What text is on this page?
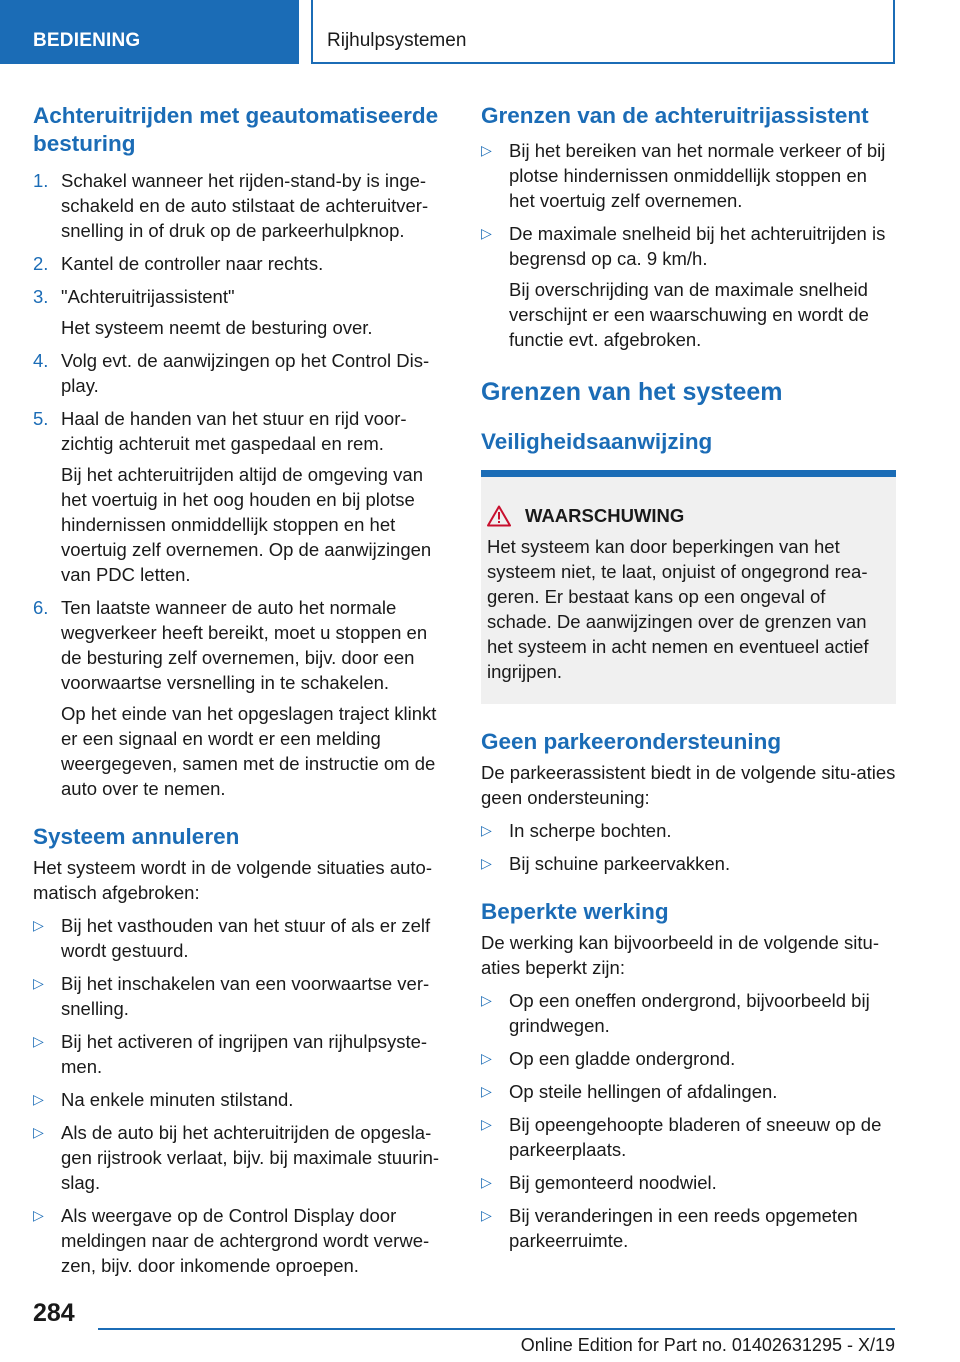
BEDIENING	Rijhulpsystemen
Achteruitrijden met geautomatiseerde besturing
1. Schakel wanneer het rijden-stand-by is inge-schakeld en de auto stilstaat de achteruitver-snelling in of druk op de parkeerhulpknop.
2. Kantel de controller naar rechts.
3. "Achteruitrijassistent"

Het systeem neemt de besturing over.

4. Volg evt. de aanwijzingen op het Control Dis-play.
5. Haal de handen van het stuur en rijd voor-zichtig achteruit met gaspedaal en rem.

Bij het achteruitrijden altijd de omgeving van het voertuig in het oog houden en bij plotse hindernissen onmiddellijk stoppen en het voertuig zelf overnemen. Op de aanwijzingen van PDC letten.

6. Ten laatste wanneer de auto het normale wegverkeer heeft bereikt, moet u stoppen en de besturing zelf overnemen, bijv. door een voorwaartse versnelling in te schakelen.

Op het einde van het opgeslagen traject klinkt er een signaal en wordt er een melding weergegeven, samen met de instructie om de auto over te nemen.

Systeem annuleren

Het systeem wordt in de volgende situaties auto-matisch afgebroken:

▷ Bij het vasthouden van het stuur of als er zelf wordt gestuurd.
▷ Bij het inschakelen van een voorwaartse ver-snelling.
▷ Bij het activeren of ingrijpen van rijhulpsyste-men.
▷ Na enkele minuten stilstand.
▷ Als de auto bij het achteruitrijden de opgesla-gen rijstrook verlaat, bijv. bij maximale stuurin-slag.
▷ Als weergave op de Control Display door meldingen naar de achtergrond wordt verwe-zen, bijv. door inkomende oproepen.
Grenzen van de achteruitrijassistent
▷ Bij het bereiken van het normale verkeer of bij plotse hindernissen onmiddellijk stoppen en het voertuig zelf overnemen.
▷ De maximale snelheid bij het achteruitrijden is begrensd op ca. 9 km/h.

Bij overschrijding van de maximale snelheid verschijnt er een waarschuwing en wordt de functie evt. afgebroken.

Grenzen van het systeem
Veiligheidsaanwijzing
WAARSCHUWING

Het systeem kan door beperkingen van het systeem niet, te laat, onjuist of ongegrond rea-geren. Er bestaat kans op een ongeval of schade. De aanwijzingen over de grenzen van het systeem in acht nemen en eventueel actief ingrijpen.

Geen parkeerondersteuning

De parkeerassistent biedt in de volgende situ-aties geen ondersteuning:

▷ In scherpe bochten.
▷ Bij schuine parkeervakken.
Beperkte werking

De werking kan bijvoorbeeld in de volgende situ-aties beperkt zijn:

▷ Op een oneffen ondergrond, bijvoorbeeld bij grindwegen.
▷ Op een gladde ondergrond.
▷ Op steile hellingen of afdalingen.
▷ Bij opeengehoopte bladeren of sneeuw op de parkeerplaats.
▷ Bij gemonteerd noodwiel.
▷ Bij veranderingen in een reeds opgemeten parkeerruimte.
284
Online Edition for Part no. 01402631295 - X/19
